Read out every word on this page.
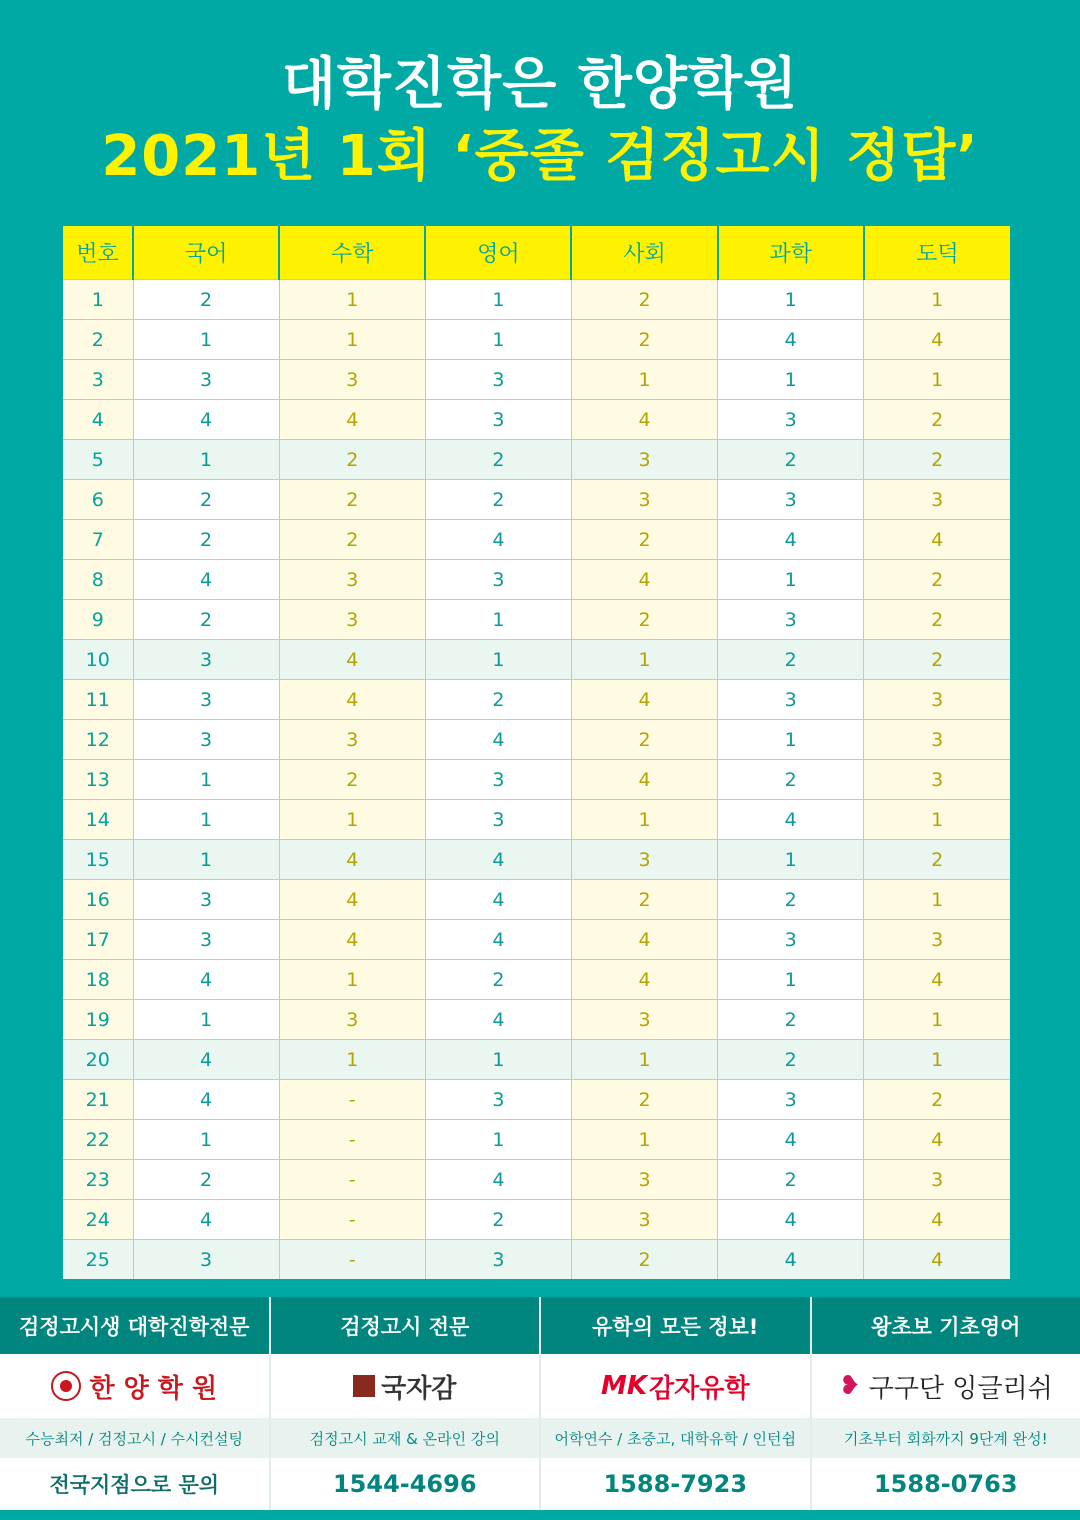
대학진학은 한양학원
2021년 1회 ‘중졸 검정고시 정답’
번호	국어	수학	영어	사회	과학	도덕
1	2	1	1	2	1	1
2	1	1	1	2	4	4
3	3	3	3	1	1	1
4	4	4	3	4	3	2
5	1	2	2	3	2	2
6	2	2	2	3	3	3
7	2	2	4	2	4	4
8	4	3	3	4	1	2
9	2	3	1	2	3	2
10	3	4	1	1	2	2
11	3	4	2	4	3	3
12	3	3	4	2	1	3
13	1	2	3	4	2	3
14	1	1	3	1	4	1
15	1	4	4	3	1	2
16	3	4	4	2	2	1
17	3	4	4	4	3	3
18	4	1	2	4	1	4
19	1	3	4	3	2	1
20	4	1	1	1	2	1
21	4	-	3	2	3	2
22	1	-	1	1	4	4
23	2	-	4	3	2	3
24	4	-	2	3	4	4
25	3	-	3	2	4	4
검정고시생 대학진학전문
한 양 학 원
수능최저 / 검정고시 / 수시컨설팅
전국지점으로 문의
검정고시 전문
국자감
검정고시 교재 & 온라인 강의
1544-4696
유학의 모든 정보!
MK 감자유학
어학연수 / 초중고, 대학유학 / 인턴쉽
1588-7923
왕초보 기초영어
❥ 구구단 잉글리쉬
기초부터 회화까지 9단계 완성!
1588-0763
